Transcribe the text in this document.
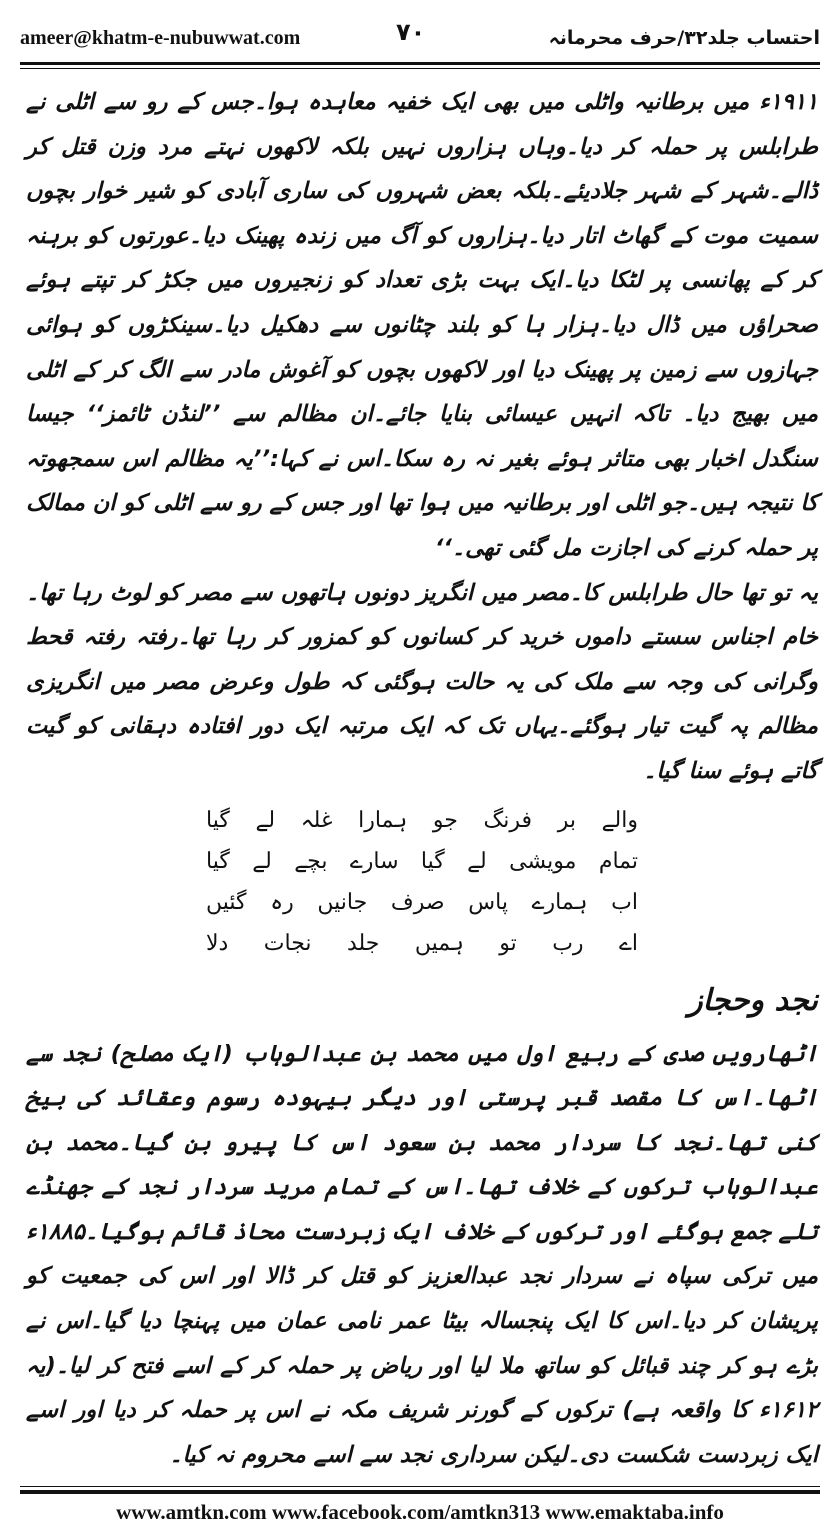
ameer@khatm-e-nubuwwat.com	احتساب جلد۳۲/حرف محرمانہ
۷۰

۱۹۱۱ء میں برطانیہ واٹلی میں بھی ایک خفیہ معاہدہ ہوا۔جس کے رو سے اٹلی نے طرابلس پر حملہ کر دیا۔وہاں ہزاروں نہیں بلکہ لاکھوں نہتے مرد وزن قتل کر ڈالے۔شہر کے شہر جلادیئے۔بلکہ بعض شہروں کی ساری آبادی کو شیر خوار بچوں سمیت موت کے گھاٹ اتار دیا۔ہزاروں کو آگ میں زندہ پھینک دیا۔عورتوں کو برہنہ کر کے پھانسی پر لٹکا دیا۔ایک بہت بڑی تعداد کو زنجیروں میں جکڑ کر تپتے ہوئے صحراؤں میں ڈال دیا۔ہزار ہا کو بلند چٹانوں سے دھکیل دیا۔سینکڑوں کو ہوائی جہازوں سے زمین پر پھینک دیا اور لاکھوں بچوں کو آغوش مادر سے الگ کر کے اٹلی میں بھیج دیا۔ تاکہ انہیں عیسائی بنایا جائے۔ان مظالم سے ’’لنڈن ٹائمز‘‘ جیسا سنگدل اخبار بھی متاثر ہوئے بغیر نہ رہ سکا۔اس نے کہا:’’یہ مظالم اس سمجھوتہ کا نتیجہ ہیں۔جو اٹلی اور برطانیہ میں ہوا تھا اور جس کے رو سے اٹلی کو ان ممالک پر حملہ کرنے کی اجازت مل گئی تھی۔‘‘

یہ تو تھا حال طرابلس کا۔مصر میں انگریز دونوں ہاتھوں سے مصر کو لوٹ رہا تھا۔خام اجناس سستے داموں خرید کر کسانوں کو کمزور کر رہا تھا۔رفتہ رفتہ قحط وگرانی کی وجہ سے ملک کی یہ حالت ہوگئی کہ طول وعرض مصر میں انگریزی مظالم پہ گیت تیار ہوگئے۔یہاں تک کہ ایک مرتبہ ایک دور افتادہ دہقانی کو گیت گاتے ہوئے سنا گیا۔

والے بر فرنگ جو ہمارا غلہ لے گیا
تمام مویشی لے گیا سارے بچے لے گیا
اب ہمارے پاس صرف جانیں رہ گئیں
اے رب تو ہمیں جلد نجات دلا
نجد وحجاز

اٹھارویں صدی کے ربیع اول میں محمد بن عبدالوہاب (ایک مصلح) نجد سے اٹھا۔اس کا مقصد قبر پرستی اور دیگر بیہودہ رسوم وعقائد کی بیخ کنی تھا۔نجد کا سردار محمد بن سعود اس کا پیرو بن گیا۔محمد بن عبدالوہاب ترکوں کے خلاف تھا۔اس کے تمام مرید سردار نجد کے جھنڈے تلے جمع ہوگئے اور ترکوں کے خلاف ایک زبردست محاذ قائم ہوگیا۔۱۸۸۵ء میں ترکی سپاہ نے سردار نجد عبدالعزیز کو قتل کر ڈالا اور اس کی جمعیت کو پریشان کر دیا۔اس کا ایک پنجسالہ بیٹا عمر نامی عمان میں پہنچا دیا گیا۔اس نے بڑے ہو کر چند قبائل کو ساتھ ملا لیا اور ریاض پر حملہ کر کے اسے فتح کر لیا۔(یہ ۱۶۱۲ء کا واقعہ ہے) ترکوں کے گورنر شریف مکہ نے اس پر حملہ کر دیا اور اسے ایک زبردست شکست دی۔لیکن سرداری نجد سے اسے محروم نہ کیا۔

www.amtkn.com www.facebook.com/amtkn313 www.emaktaba.info
